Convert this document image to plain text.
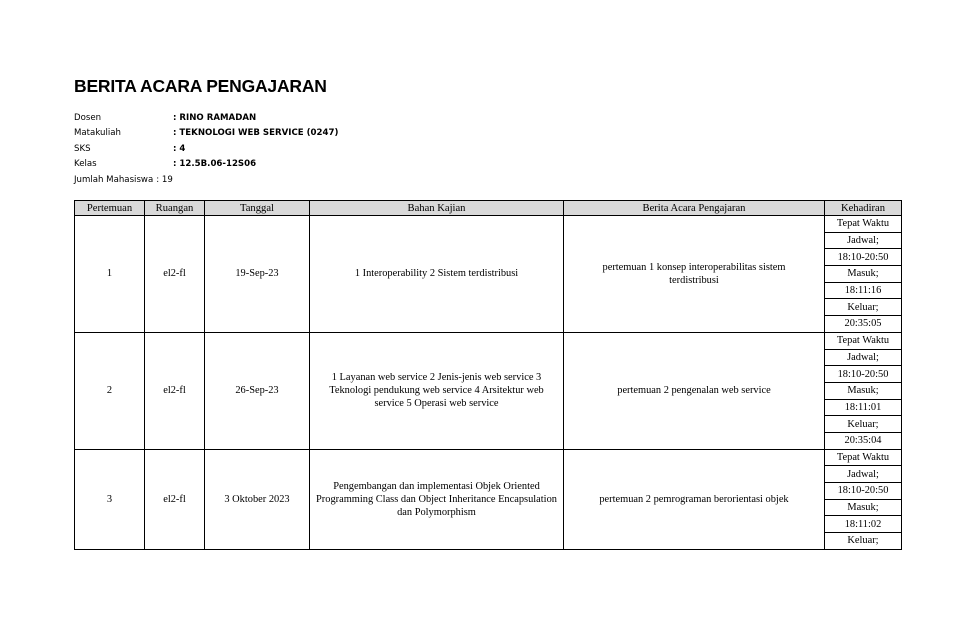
BERITA ACARA PENGAJARAN
Dosen	: RINO RAMADAN
Matakuliah	: TEKNOLOGI WEB SERVICE (0247)
SKS	: 4
Kelas	: 12.5B.06-12S06
Jumlah Mahasiswa : 19
Pertemuan	Ruangan	Tanggal	Bahan Kajian	Berita Acara Pengajaran	Kehadiran
1	el2-fl	19-Sep-23	1 Interoperability 2 Sistem terdistribusi	pertemuan 1 konsep interoperabilitas sistem terdistribusi	Tepat Waktu
					Jadwal;
					18:10-20:50
					Masuk;
					18:11:16
					Keluar;
					20:35:05
2	el2-fl	26-Sep-23	1 Layanan web service 2 Jenis-jenis web service 3 Teknologi pendukung web service 4 Arsitektur web service 5 Operasi web service	pertemuan 2 pengenalan web service	Tepat Waktu
					Jadwal;
					18:10-20:50
					Masuk;
					18:11:01
					Keluar;
					20:35:04
3	el2-fl	3 Oktober 2023	Pengembangan dan implementasi Objek Oriented Programming Class dan Object Inheritance Encapsulation dan Polymorphism	pertemuan 2 pemrograman berorientasi objek	Tepat Waktu
					Jadwal;
					18:10-20:50
					Masuk;
					18:11:02
					Keluar;
